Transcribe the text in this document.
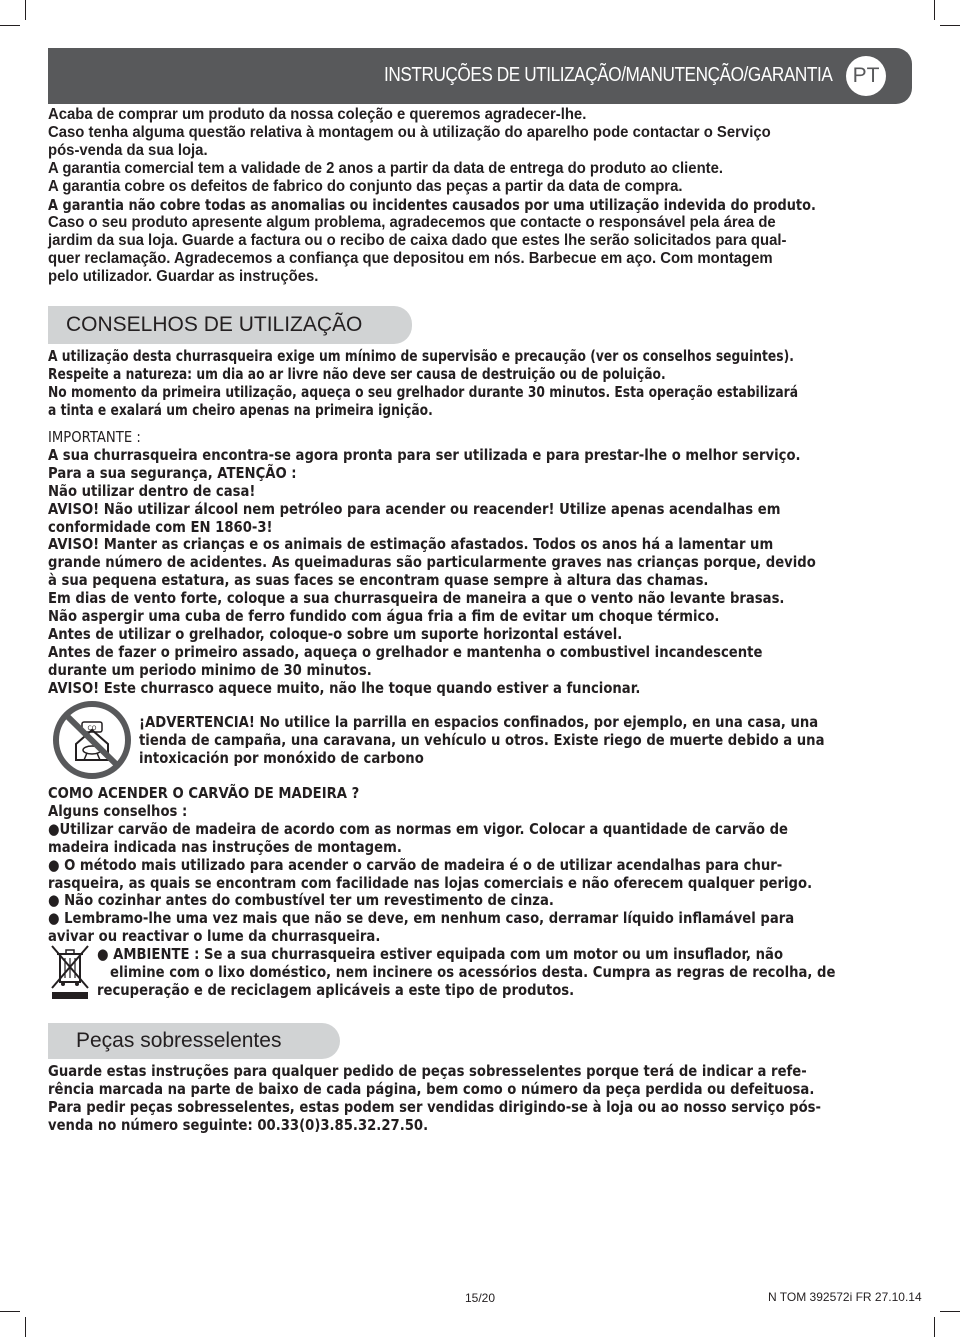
INSTRUÇÕES DE UTILIZAÇÃO/MANUTENÇÃO/GARANTIA PT

Acaba de comprar um produto da nossa coleção e queremos agradecer-lhe.

Caso tenha alguma questão relativa à montagem ou à utilização do aparelho pode contactar o Serviço

pós-venda da sua loja.

A garantia comercial tem a validade de 2 anos a partir da data de entrega do produto ao cliente.

A garantia cobre os defeitos de fabrico do conjunto das peças a partir da data de compra.

A garantia não cobre todas as anomalias ou incidentes causados por uma utilização indevida do produto.

Caso o seu produto apresente algum problema, agradecemos que contacte o responsável pela área de

jardim da sua loja. Guarde a factura ou o recibo de caixa dado que estes lhe serão solicitados para qual-

quer reclamação. Agradecemos a confiança que depositou em nós. Barbecue em aço. Com montagem

pelo utilizador. Guardar as instruções.

CONSELHOS DE UTILIZAÇÃO

A utilização desta churrasqueira exige um mínimo de supervisão e precaução (ver os conselhos seguintes).

Respeite a natureza: um dia ao ar livre não deve ser causa de destruição ou de poluição.

No momento da primeira utilização, aqueça o seu grelhador durante 30 minutos. Esta operação estabilizará

a tinta e exalará um cheiro apenas na primeira ignição.

IMPORTANTE :

A sua churrasqueira encontra-se agora pronta para ser utilizada e para prestar-lhe o melhor serviço.

Para a sua segurança, ATENÇÃO :

Não utilizar dentro de casa!

AVISO! Não utilizar álcool nem petróleo para acender ou reacender! Utilize apenas acendalhas em

conformidade com EN 1860-3!

AVISO! Manter as crianças e os animais de estimação afastados. Todos os anos há a lamentar um

grande número de acidentes. As queimaduras são particularmente graves nas crianças porque, devido

à sua pequena estatura, as suas faces se encontram quase sempre à altura das chamas.

Em dias de vento forte, coloque a sua churrasqueira de maneira a que o vento não levante brasas.

Não aspergir uma cuba de ferro fundido com água fria a fim de evitar um choque térmico.

Antes de utilizar o grelhador, coloque-o sobre um suporte horizontal estável.

Antes de fazer o primeiro assado, aqueça o grelhador e mantenha o combustivel incandescente

durante um periodo minimo de 30 minutos.

AVISO! Este churrasco aquece muito, não lhe toque quando estiver a funcionar.

CO	¡ADVERTENCIA! No utilice la parrilla en espacios confinados, por ejemplo, en una casa, una

tienda de campaña, una caravana, un vehículo u otros. Existe riego de muerte debido a una

intoxicación por monóxido de carbono

COMO ACENDER O CARVÃO DE MADEIRA ?

Alguns conselhos :

●Utilizar carvão de madeira de acordo com as normas em vigor. Colocar a quantidade de carvão de

madeira indicada nas instruções de montagem.

● O método mais utilizado para acender o carvão de madeira é o de utilizar acendalhas para chur-

rasqueira, as quais se encontram com facilidade nas lojas comerciais e não oferecem qualquer perigo.

● Não cozinhar antes do combustível ter um revestimento de cinza.

● Lembramo-lhe uma vez mais que não se deve, em nenhum caso, derramar líquido inflamável para

avivar ou reactivar o lume da churrasqueira.

● AMBIENTE : Se a sua churrasqueira estiver equipada com um motor ou um insuflador, não

elimine com o lixo doméstico, nem incinere os acessórios desta. Cumpra as regras de recolha, de

recuperação e de reciclagem aplicáveis a este tipo de produtos.

Peças sobresselentes

Guarde estas instruções para qualquer pedido de peças sobresselentes porque terá de indicar a refe-

rência marcada na parte de baixo de cada página, bem como o número da peça perdida ou defeituosa.

Para pedir peças sobresselentes, estas podem ser vendidas dirigindo-se à loja ou ao nosso serviço pós-

venda no número seguinte: 00.33(0)3.85.32.27.50.

15/20	N TOM 392572i FR 27.10.14
